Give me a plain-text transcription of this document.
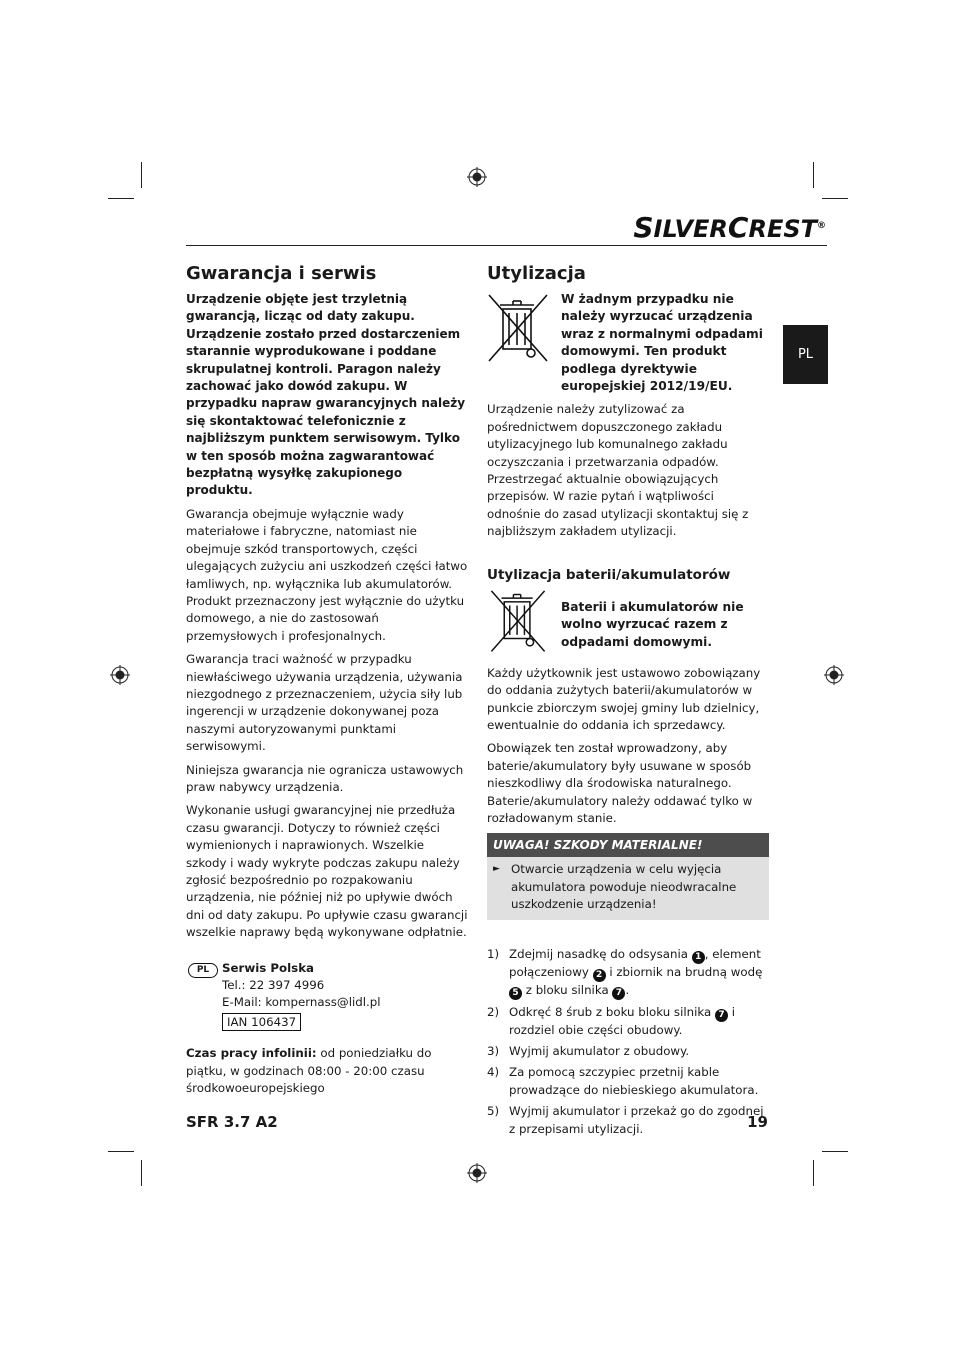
SILVERCREST®
PL
Gwarancja i serwis

Urządzenie objęte jest trzyletnią gwarancją, licząc od daty zakupu. Urządzenie zostało przed dostarczeniem starannie wyprodukowane i poddane skrupulatnej kontroli. Paragon należy zachować jako dowód zakupu. W przypadku napraw gwarancyjnych należy się skontaktować telefonicznie z najbliższym punktem serwisowym. Tylko w ten sposób można zagwarantować bezpłatną wysyłkę zakupionego produktu.

Gwarancja obejmuje wyłącznie wady materiałowe i fabryczne, natomiast nie obejmuje szkód transportowych, części ulegających zużyciu ani uszkodzeń części łatwo łamliwych, np. wyłącznika lub akumulatorów. Produkt przeznaczony jest wyłącznie do użytku domowego, a nie do zastosowań przemysłowych i profesjonalnych.

Gwarancja traci ważność w przypadku niewłaściwego używania urządzenia, używania niezgodnego z przeznaczeniem, użycia siły lub ingerencji w urządzenie dokonywanej poza naszymi autoryzowanymi punktami serwisowymi.

Niniejsza gwarancja nie ogranicza ustawowych praw nabywcy urządzenia.

Wykonanie usługi gwarancyjnej nie przedłuża czasu gwarancji. Dotyczy to również części wymienionych i naprawionych. Wszelkie szkody i wady wykryte podczas zakupu należy zgłosić bezpośrednio po rozpakowaniu urządzenia, nie później niż po upływie dwóch dni od daty zakupu. Po upływie czasu gwarancji wszelkie naprawy będą wykonywane odpłatnie.

PL	Serwis Polska
Tel.: 22 397 4996
E-Mail: kompernass@lidl.pl
IAN 106437

Czas pracy infolinii: od poniedziałku do piątku, w godzinach 08:00 - 20:00 czasu środkowoeuropejskiego

Utylizacja
W żadnym przypadku nie należy wyrzucać urządzenia wraz z normalnymi odpadami domowymi. Ten produkt podlega dyrektywie europejskiej 2012/19/EU.

Urządzenie należy zutylizować za pośrednictwem dopuszczonego zakładu utylizacyjnego lub komunalnego zakładu oczyszczania i przetwarzania odpadów. Przestrzegać aktualnie obowiązujących przepisów. W razie pytań i wątpliwości odnośnie do zasad utylizacji skontaktuj się z najbliższym zakładem utylizacji.

Utylizacja baterii/akumulatorów
Baterii i akumulatorów nie wolno wyrzucać razem z odpadami domowymi.

Każdy użytkownik jest ustawowo zobowiązany do oddania zużytych baterii/akumulatorów w punkcie zbiorczym swojej gminy lub dzielnicy, ewentualnie do oddania ich sprzedawcy.

Obowiązek ten został wprowadzony, aby baterie/akumulatory były usuwane w sposób nieszkodliwy dla środowiska naturalnego. Baterie/akumulatory należy oddawać tylko w rozładowanym stanie.

UWAGA! SZKODY MATERIALNE!
► Otwarcie urządzenia w celu wyjęcia akumulatora powoduje nieodwracalne uszkodzenie urządzenia!
1) Zdejmij nasadkę do odsysania 1 , element połączeniowy 2 i zbiornik na brudną wodę 5 z bloku silnika 7 .
2) Odkręć 8 śrub z boku bloku silnika 7 i rozdziel obie części obudowy.
3) Wyjmij akumulator z obudowy.
4) Za pomocą szczypiec przetnij kable prowadzące do niebieskiego akumulatora.
5) Wyjmij akumulator i przekaż go do zgodnej z przepisami utylizacji.
SFR 3.7 A2	19
